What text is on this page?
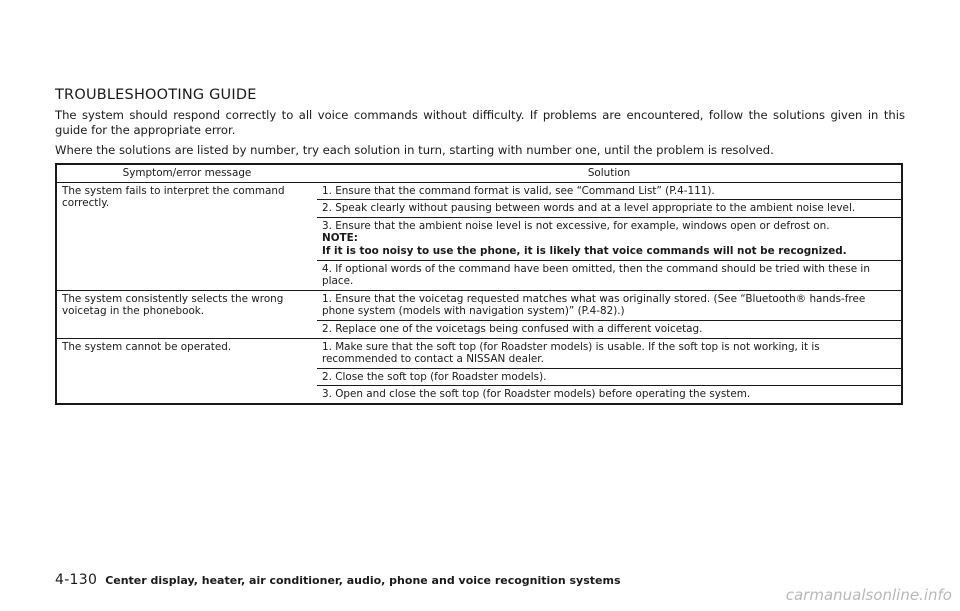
TROUBLESHOOTING GUIDE

The system should respond correctly to all voice commands without difficulty. If problems are encountered, follow the solutions given in this guide for the appropriate error.

Where the solutions are listed by number, try each solution in turn, starting with number one, until the problem is resolved.

Symptom/error message	Solution
The system fails to interpret the command correctly.	1. Ensure that the command format is valid, see “Command List” (P.4-111).

	2. Speak clearly without pausing between words and at a level appropriate to the ambient noise level.

	3. Ensure that the ambient noise level is not excessive, for example, windows open or defrost on.
NOTE:
If it is too noisy to use the phone, it is likely that voice commands will not be recognized.

	4. If optional words of the command have been omitted, then the command should be tried with these in place.

The system consistently selects the wrong voicetag in the phonebook.	1. Ensure that the voicetag requested matches what was originally stored. (See “Bluetooth® hands-free phone system (models with navigation system)” (P.4-82).)

	2. Replace one of the voicetags being confused with a different voicetag.

The system cannot be operated.	1. Make sure that the soft top (for Roadster models) is usable. If the soft top is not working, it is recommended to contact a NISSAN dealer.

	2. Close the soft top (for Roadster models).

	3. Open and close the soft top (for Roadster models) before operating the system.
4-130 Center display, heater, air conditioner, audio, phone and voice recognition systems
carmanualsonline.info
